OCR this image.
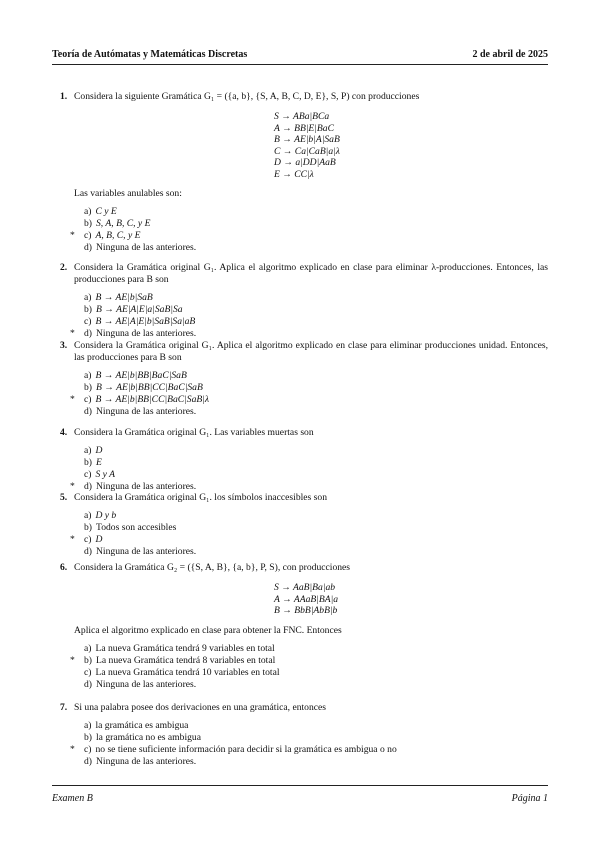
Teoría de Autómatas y Matemáticas Discretas	2 de abril de 2025
1. Considera la siguiente Gramática G₁ = ({a, b}, {S, A, B, C, D, E}, S, P) con producciones
S → ABa|BCa
A → BB|E|BaC
B → AE|b|A|SaB
C → Ca|CaB|a|λ
D → a|DD|AaB
E → CC|λ
Las variables anulables son:
a) C y E
b) S, A, B, C, y E
* c) A, B, C, y E
d) Ninguna de las anteriores.
2. Considera la Gramática original G₁. Aplica el algoritmo explicado en clase para eliminar λ-producciones. Entonces, las producciones para B son
a) B → AE|b|SaB
b) B → AE|A|E|a|SaB|Sa
c) B → AE|A|E|b|SaB|Sa|aB
* d) Ninguna de las anteriores.
3. Considera la Gramática original G₁. Aplica el algoritmo explicado en clase para eliminar producciones unidad. Entonces, las producciones para B son
a) B → AE|b|BB|BaC|SaB
b) B → AE|b|BB|CC|BaC|SaB
* c) B → AE|b|BB|CC|BaC|SaB|λ
d) Ninguna de las anteriores.
4. Considera la Gramática original G₁. Las variables muertas son
a) D
b) E
c) S y A
* d) Ninguna de las anteriores.
5. Considera la Gramática original G₁. los símbolos inaccesibles son
a) D y b
b) Todos son accesibles
* c) D
d) Ninguna de las anteriores.
6. Considera la Gramática G₂ = ({S, A, B}, {a, b}, P, S), con producciones
S → AaB|Ba|ab
A → AAaB|BA|a
B → BbB|AbB|b
Aplica el algoritmo explicado en clase para obtener la FNC. Entonces
a) La nueva Gramática tendrá 9 variables en total
* b) La nueva Gramática tendrá 8 variables en total
c) La nueva Gramática tendrá 10 variables en total
d) Ninguna de las anteriores.
7. Si una palabra posee dos derivaciones en una gramática, entonces
a) la gramática es ambigua
b) la gramática no es ambigua
* c) no se tiene suficiente información para decidir si la gramática es ambigua o no
d) Ninguna de las anteriores.
Examen B	Página 1
